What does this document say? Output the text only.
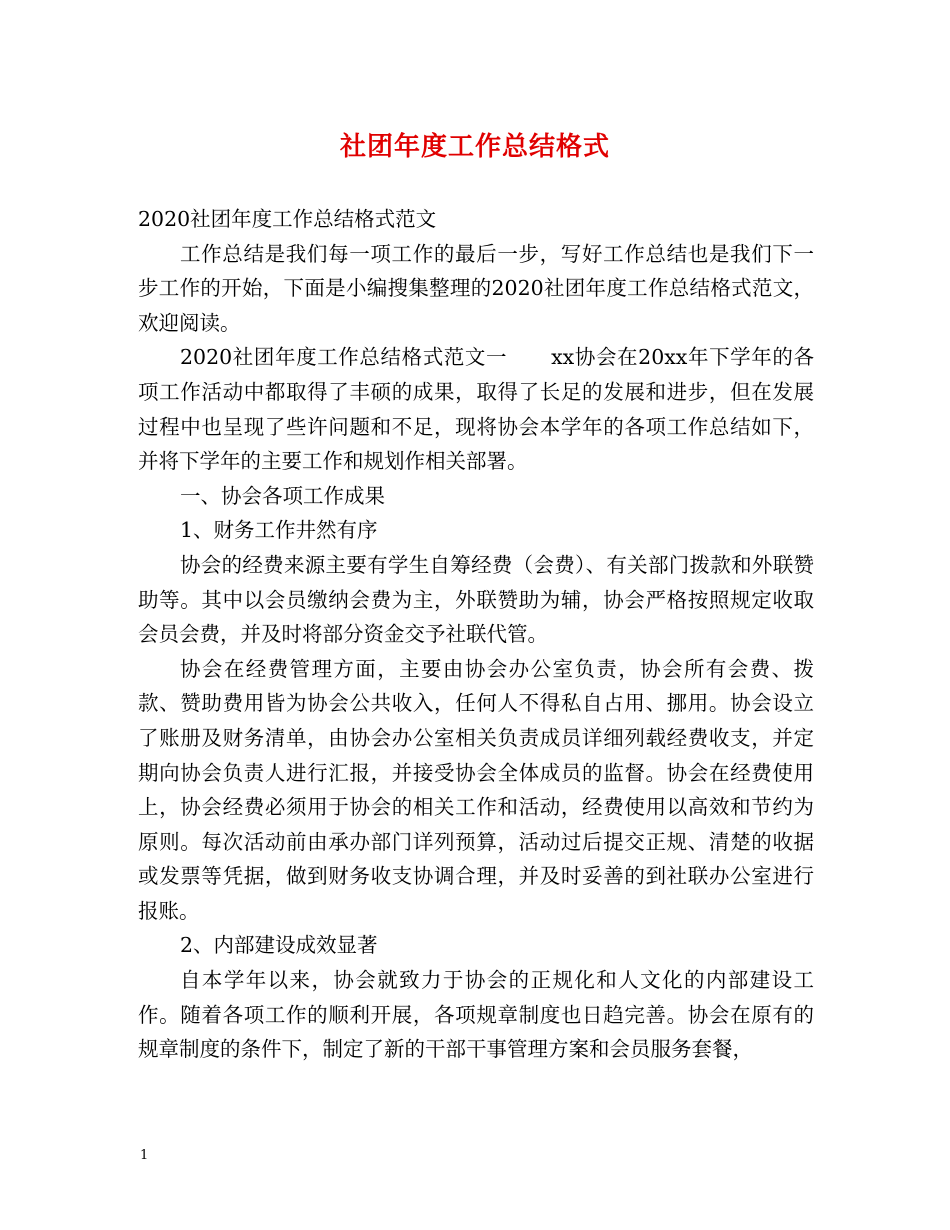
社团年度工作总结格式

2020社团年度工作总结格式范文

工作总结是我们每一项工作的最后一步，写好工作总结也是我们下一步工作的开始，下面是小编搜集整理的2020社团年度工作总结格式范文，欢迎阅读。

2020社团年度工作总结格式范文一 xx协会在20xx年下学年的各项工作活动中都取得了丰硕的成果，取得了长足的发展和进步，但在发展过程中也呈现了些许问题和不足，现将协会本学年的各项工作总结如下，并将下学年的主要工作和规划作相关部署。

一、协会各项工作成果

1、财务工作井然有序

协会的经费来源主要有学生自筹经费（会费）、有关部门拨款和外联赞助等。其中以会员缴纳会费为主，外联赞助为辅，协会严格按照规定收取会员会费，并及时将部分资金交予社联代管。

协会在经费管理方面，主要由协会办公室负责，协会所有会费、拨款、赞助费用皆为协会公共收入，任何人不得私自占用、挪用。协会设立了账册及财务清单，由协会办公室相关负责成员详细列载经费收支，并定期向协会负责人进行汇报，并接受协会全体成员的监督。协会在经费使用上，协会经费必须用于协会的相关工作和活动，经费使用以高效和节约为原则。每次活动前由承办部门详列预算，活动过后提交正规、清楚的收据或发票等凭据，做到财务收支协调合理，并及时妥善的到社联办公室进行报账。

2、内部建设成效显著

自本学年以来，协会就致力于协会的正规化和人文化的内部建设工作。随着各项工作的顺利开展，各项规章制度也日趋完善。协会在原有的规章制度的条件下，制定了新的干部干事管理方案和会员服务套餐，

1
